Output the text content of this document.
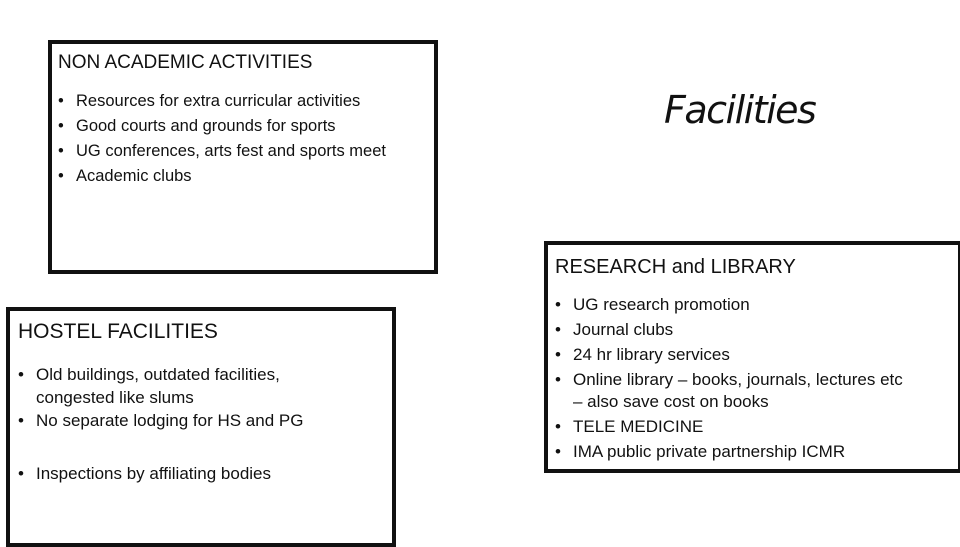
NON ACADEMIC ACTIVITIES
• Resources for extra curricular activities
• Good courts and grounds for sports
• UG conferences, arts fest and sports meet
• Academic clubs
Facilities
RESEARCH and LIBRARY
• UG research promotion
• Journal clubs
• 24 hr library services
• Online library – books, journals, lectures etc – also save cost on books
• TELE MEDICINE
• IMA public private partnership ICMR
HOSTEL FACILITIES
• Old buildings, outdated facilities, congested like slums
• No separate lodging for HS and PG
• Inspections by affiliating bodies
